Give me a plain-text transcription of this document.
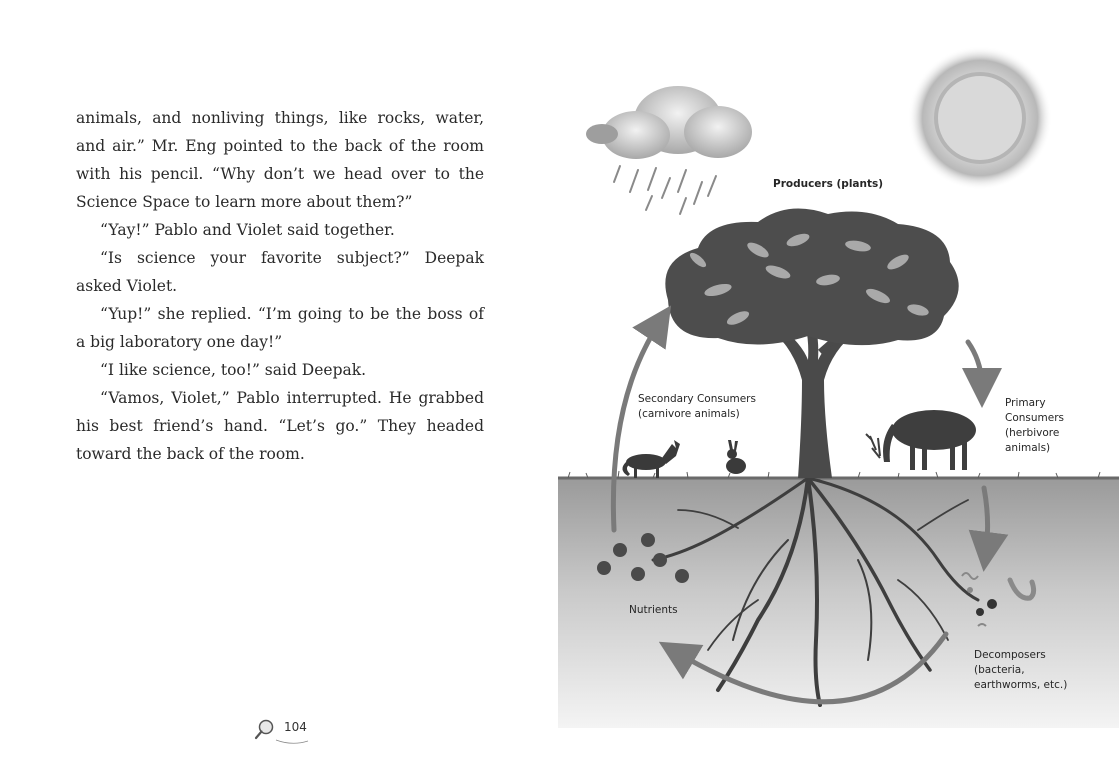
animals, and nonliving things, like rocks, water, and air.” Mr. Eng pointed to the back of the room with his pencil. “Why don’t we head over to the Science Space to learn more about them?”

“Yay!” Pablo and Violet said together.

“Is science your favorite subject?” Deepak asked Violet.

“Yup!” she replied. “I’m going to be the boss of a big laboratory one day!”

“I like science, too!” said Deepak.

“Vamos, Violet,” Pablo interrupted. He grabbed his best friend’s hand. “Let’s go.” They headed toward the back of the room.

104
Producers (plants)
Secondary Consumers
(carnivore animals)
Primary
Consumers
(herbivore
animals)
Nutrients
Decomposers
(bacteria,
earthworms, etc.)
